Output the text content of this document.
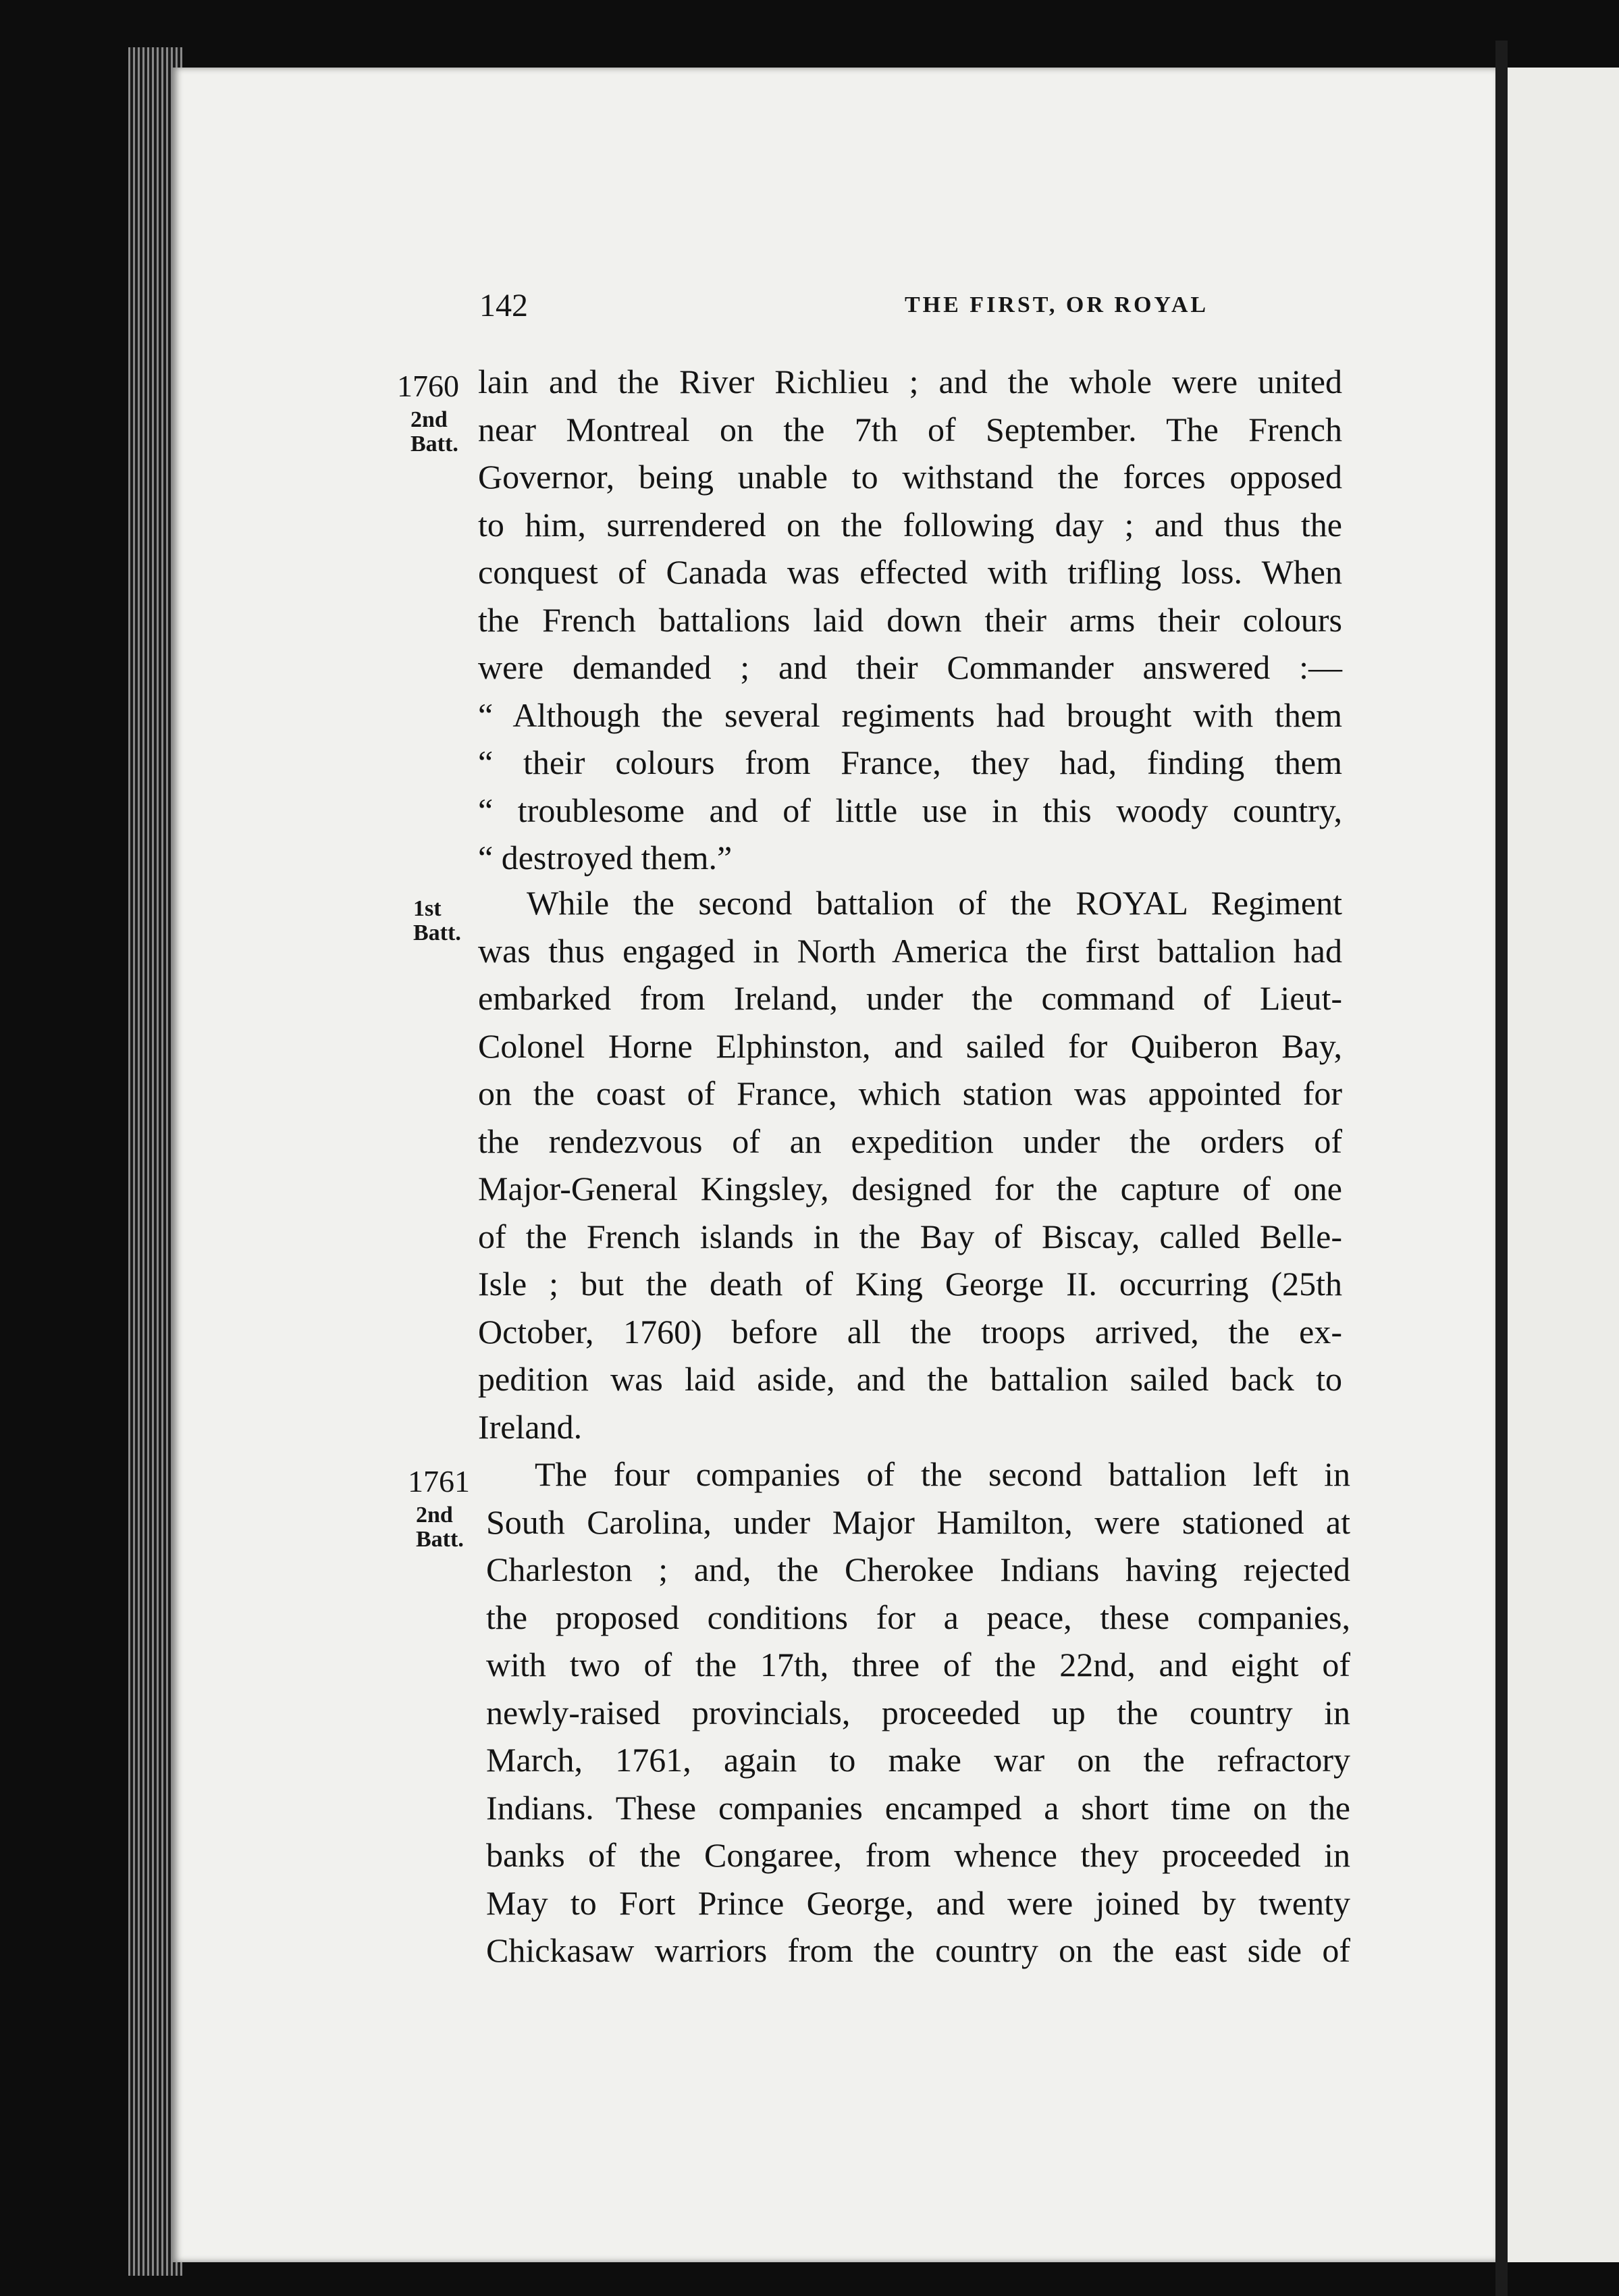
142	THE FIRST, OR ROYAL
1760
2nd Batt.
1st Batt.
1761
2nd Batt.
lain and the River Richlieu ; and the whole were united
near Montreal on the 7th of September. The French
Governor, being unable to withstand the forces opposed
to him, surrendered on the following day ; and thus the
conquest of Canada was effected with trifling loss. When
the French battalions laid down their arms their colours
were demanded ; and their Commander answered :—
“ Although the several regiments had brought with them
“ their colours from France, they had, finding them
“ troublesome and of little use in this woody country,
“ destroyed them.”
While the second battalion of the ROYAL Regiment
was thus engaged in North America the first battalion had
embarked from Ireland, under the command of Lieut-
Colonel Horne Elphinston, and sailed for Quiberon Bay,
on the coast of France, which station was appointed for
the rendezvous of an expedition under the orders of
Major-General Kingsley, designed for the capture of one
of the French islands in the Bay of Biscay, called Belle-
Isle ; but the death of King George II. occurring (25th
October, 1760) before all the troops arrived, the ex-
pedition was laid aside, and the battalion sailed back to
Ireland.
The four companies of the second battalion left in
South Carolina, under Major Hamilton, were stationed at
Charleston ; and, the Cherokee Indians having rejected
the proposed conditions for a peace, these companies,
with two of the 17th, three of the 22nd, and eight of
newly-raised provincials, proceeded up the country in
March, 1761, again to make war on the refractory
Indians. These companies encamped a short time on the
banks of the Congaree, from whence they proceeded in
May to Fort Prince George, and were joined by twenty
Chickasaw warriors from the country on the east side of
